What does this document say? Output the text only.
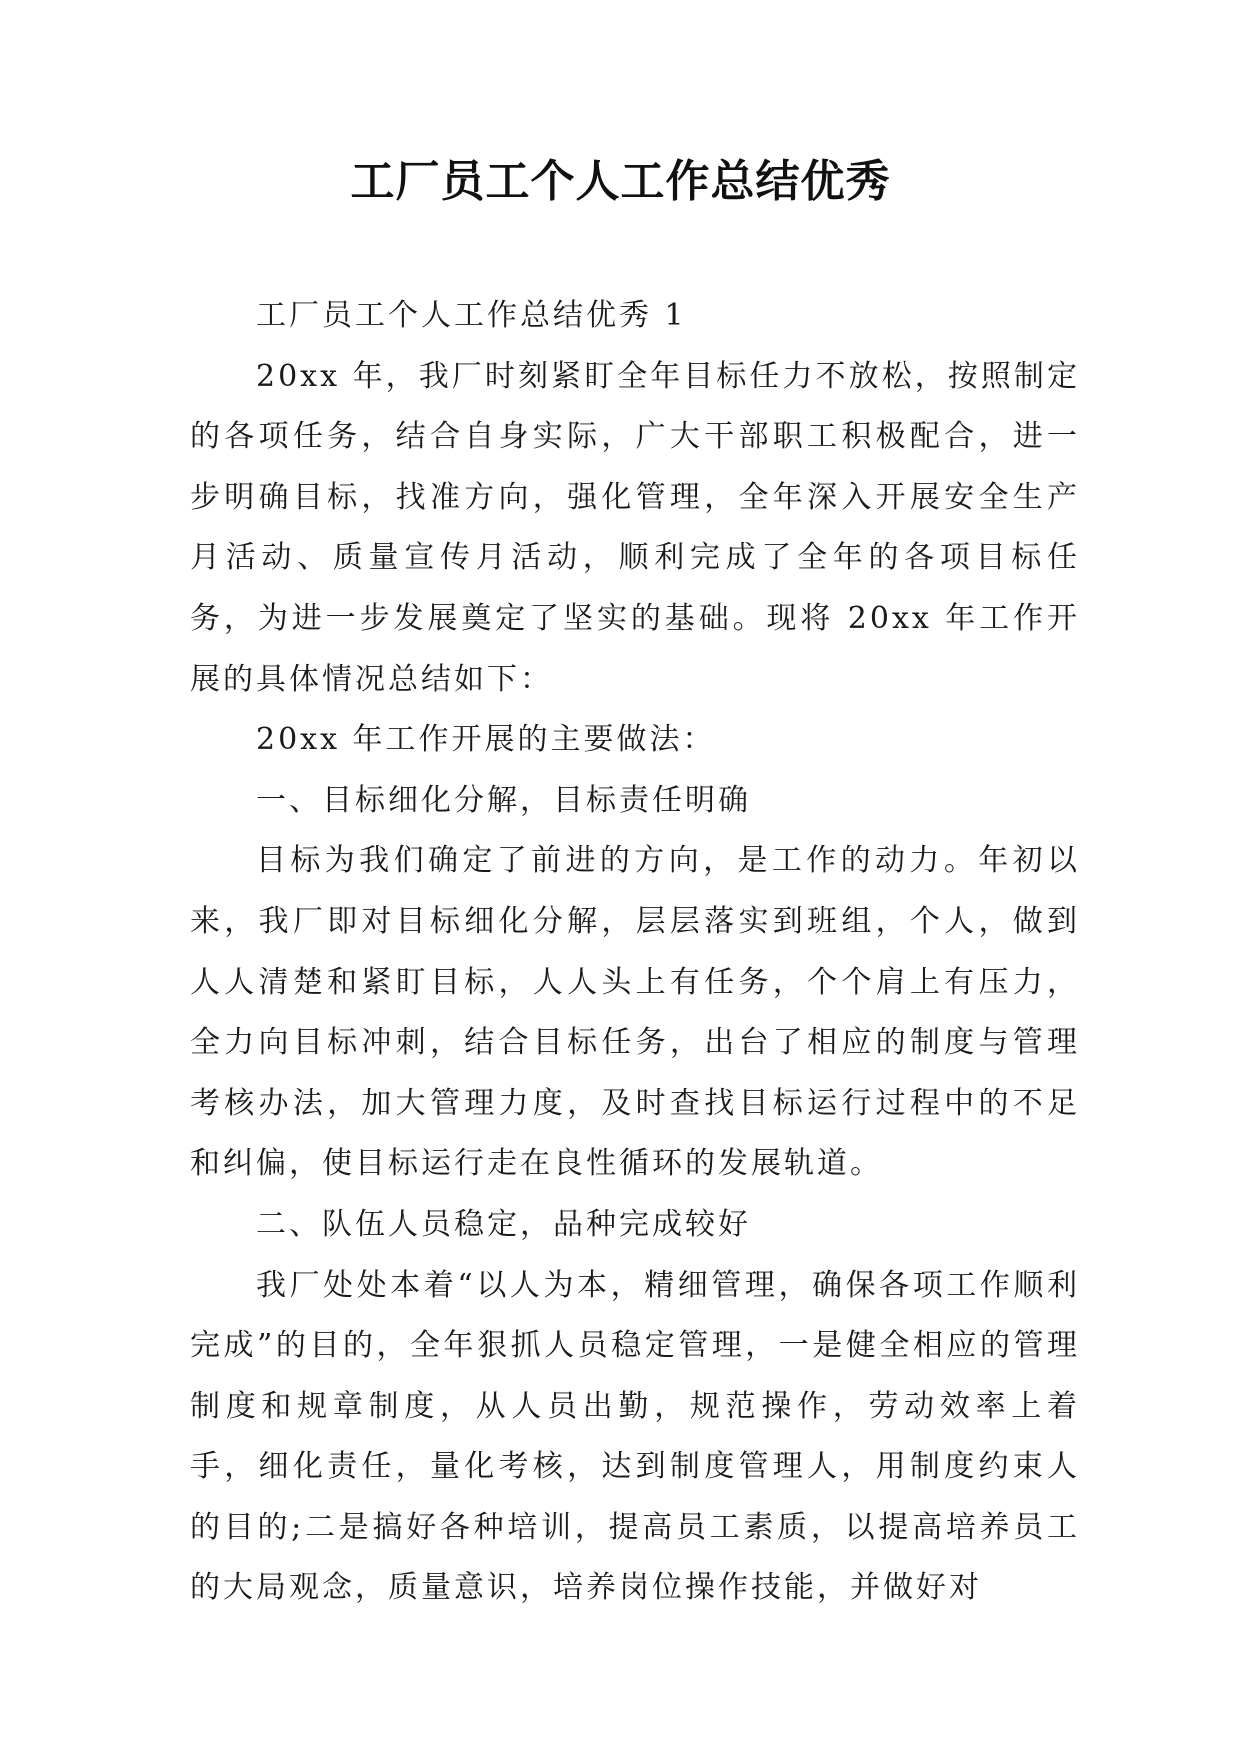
工厂员工个人工作总结优秀

工厂员工个人工作总结优秀 1

20xx 年，我厂时刻紧盯全年目标任力不放松，按照制定的各项任务，结合自身实际，广大干部职工积极配合，进一步明确目标，找准方向，强化管理，全年深入开展安全生产月活动、质量宣传月活动，顺利完成了全年的各项目标任务，为进一步发展奠定了坚实的基础。现将 20xx 年工作开展的具体情况总结如下：

20xx 年工作开展的主要做法：

一、目标细化分解，目标责任明确

目标为我们确定了前进的方向，是工作的动力。年初以来，我厂即对目标细化分解，层层落实到班组，个人，做到人人清楚和紧盯目标，人人头上有任务，个个肩上有压力，全力向目标冲刺，结合目标任务，出台了相应的制度与管理考核办法，加大管理力度，及时查找目标运行过程中的不足和纠偏，使目标运行走在良性循环的发展轨道。

二、队伍人员稳定，品种完成较好

我厂处处本着“以人为本，精细管理，确保各项工作顺利完成”的目的，全年狠抓人员稳定管理，一是健全相应的管理制度和规章制度，从人员出勤，规范操作，劳动效率上着手，细化责任，量化考核，达到制度管理人，用制度约束人的目的;二是搞好各种培训，提高员工素质，以提高培养员工的大局观念，质量意识，培养岗位操作技能，并做好对
